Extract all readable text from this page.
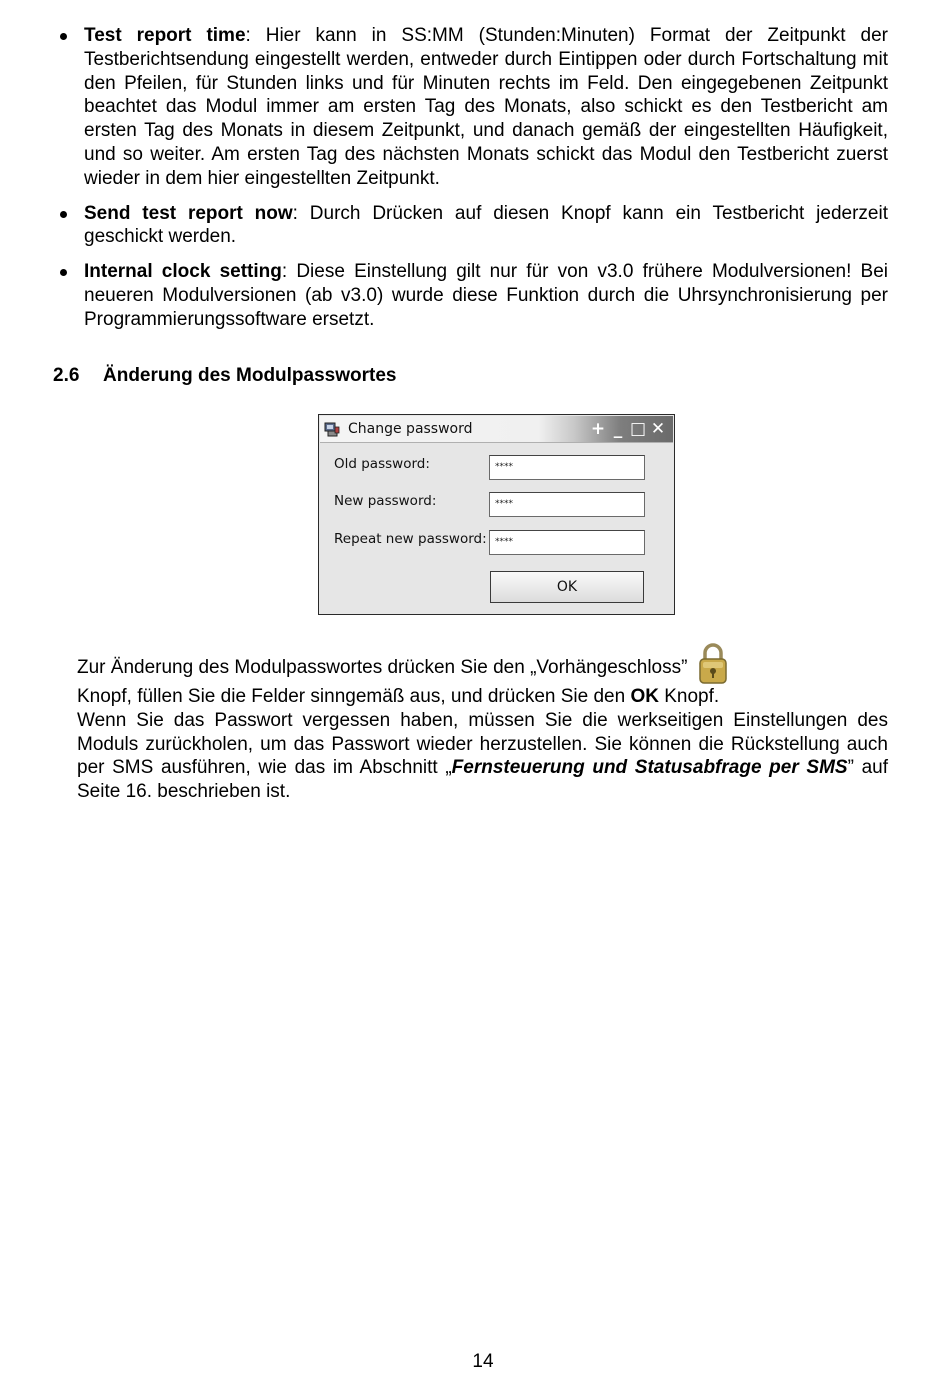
Test report time: Hier kann in SS:MM (Stunden:Minuten) Format der Zeitpunkt der Testberichtsendung eingestellt werden, entweder durch Eintippen oder durch Fortschaltung mit den Pfeilen, für Stunden links und für Minuten rechts im Feld. Den eingegebenen Zeitpunkt beachtet das Modul immer am ersten Tag des Monats, also schickt es den Testbericht am ersten Tag des Monats in diesem Zeitpunkt, und danach gemäß der eingestellten Häufigkeit, und so weiter. Am ersten Tag des nächsten Monats schickt das Modul den Testbericht zuerst wieder in dem hier eingestellten Zeitpunkt.
Send test report now: Durch Drücken auf diesen Knopf kann ein Testbericht jederzeit geschickt werden.
Internal clock setting: Diese Einstellung gilt nur für von v3.0 frühere Modulversionen! Bei neueren Modulversionen (ab v3.0) wurde diese Funktion durch die Uhrsynchronisierung per Programmierungssoftware ersetzt.
2.6 Änderung des Modulpasswortes
Change password	+ _ □ ✕
Old password:	****
New password:	****
Repeat new password: ****
OK
Zur Änderung des Modulpasswortes drücken Sie den „Vorhängeschloss”
Knopf, füllen Sie die Felder sinngemäß aus, und drücken Sie den OK Knopf.
Wenn Sie das Passwort vergessen haben, müssen Sie die werkseitigen Einstellungen des Moduls zurückholen, um das Passwort wieder herzustellen. Sie können die Rückstellung auch per SMS ausführen, wie das im Abschnitt „Fernsteuerung und Statusabfrage per SMS” auf Seite 16. beschrieben ist.
14
